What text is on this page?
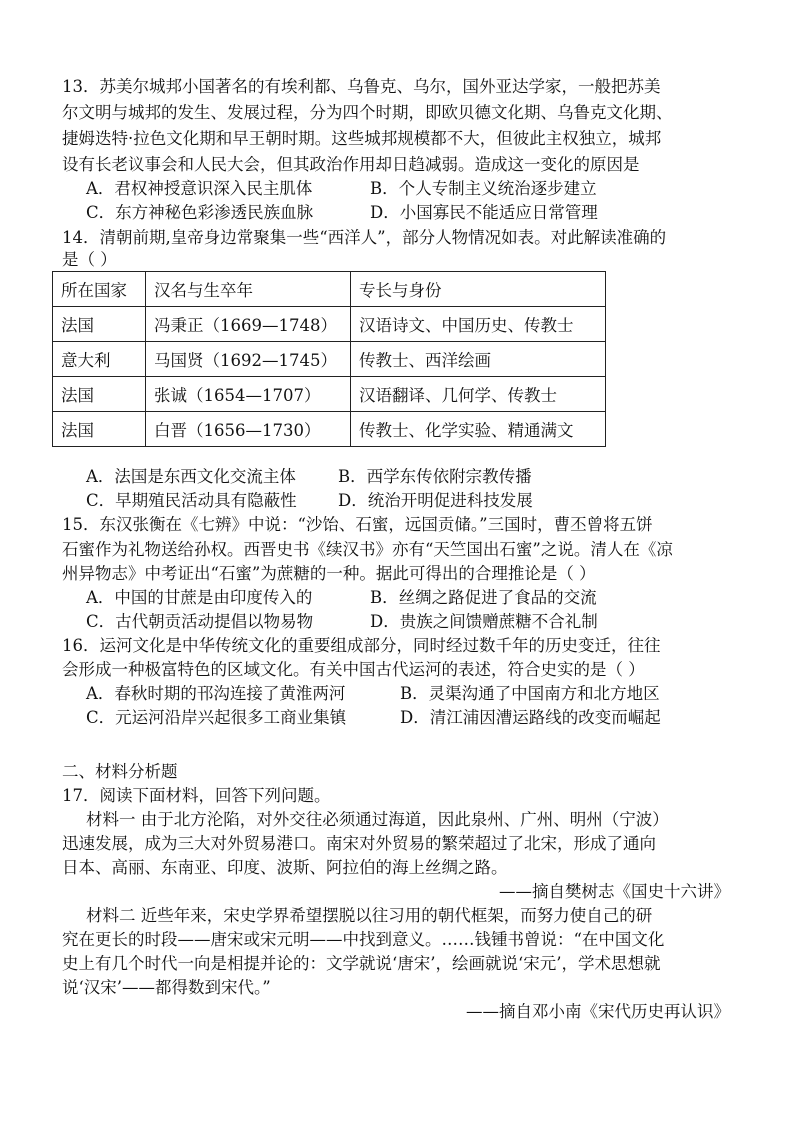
13．苏美尔城邦小国著名的有埃利都、乌鲁克、乌尔，国外亚达学家，一般把苏美
尔文明与城邦的发生、发展过程，分为四个时期，即欧贝德文化期、乌鲁克文化期、
捷姆迭特·拉色文化期和早王朝时期。这些城邦规模都不大，但彼此主权独立，城邦
设有长老议事会和人民大会，但其政治作用却日趋减弱。造成这一变化的原因是
A．君权神授意识深入民主肌体	B．个人专制主义统治逐步建立
C．东方神秘色彩渗透民族血脉	D．小国寡民不能适应日常管理
14．清朝前期,皇帝身边常聚集一些“西洋人”，部分人物情况如表。对此解读准确的
是（ ）
所在国家	汉名与生卒年	专长与身份
法国	冯秉正（1669—1748）	汉语诗文、中国历史、传教士
意大利	马国贤（1692—1745）	传教士、西洋绘画
法国	张诚（1654—1707）	汉语翻译、几何学、传教士
法国	白晋（1656—1730）	传教士、化学实验、精通满文
A．法国是东西文化交流主体	B．西学东传依附宗教传播
C．早期殖民活动具有隐蔽性	D．统治开明促进科技发展
15．东汉张衡在《七辨》中说：“沙饴、石蜜，远国贡储。”三国时，曹丕曾将五饼
石蜜作为礼物送给孙权。西晋史书《续汉书》亦有“天竺国出石蜜”之说。清人在《凉
州异物志》中考证出“石蜜”为蔗糖的一种。据此可得出的合理推论是（ ）
A．中国的甘蔗是由印度传入的	B．丝绸之路促进了食品的交流
C．古代朝贡活动提倡以物易物	D．贵族之间馈赠蔗糖不合礼制
16．运河文化是中华传统文化的重要组成部分，同时经过数千年的历史变迁，往往
会形成一种极富特色的区域文化。有关中国古代运河的表述，符合史实的是（ ）
A．春秋时期的邗沟连接了黄淮两河	B．灵渠沟通了中国南方和北方地区
C．元运河沿岸兴起很多工商业集镇	D．清江浦因漕运路线的改变而崛起
二、材料分析题
17．阅读下面材料，回答下列问题。
材料一 由于北方沦陷，对外交往必须通过海道，因此泉州、广州、明州（宁波）
迅速发展，成为三大对外贸易港口。南宋对外贸易的繁荣超过了北宋，形成了通向
日本、高丽、东南亚、印度、波斯、阿拉伯的海上丝绸之路。
——摘自樊树志《国史十六讲》
材料二 近些年来，宋史学界希望摆脱以往习用的朝代框架，而努力使自己的研
究在更长的时段——唐宋或宋元明——中找到意义。……钱锺书曾说：“在中国文化
史上有几个时代一向是相提并论的：文学就说‘唐宋’，绘画就说‘宋元’，学术思想就
说‘汉宋’——都得数到宋代。”
——摘自邓小南《宋代历史再认识》
